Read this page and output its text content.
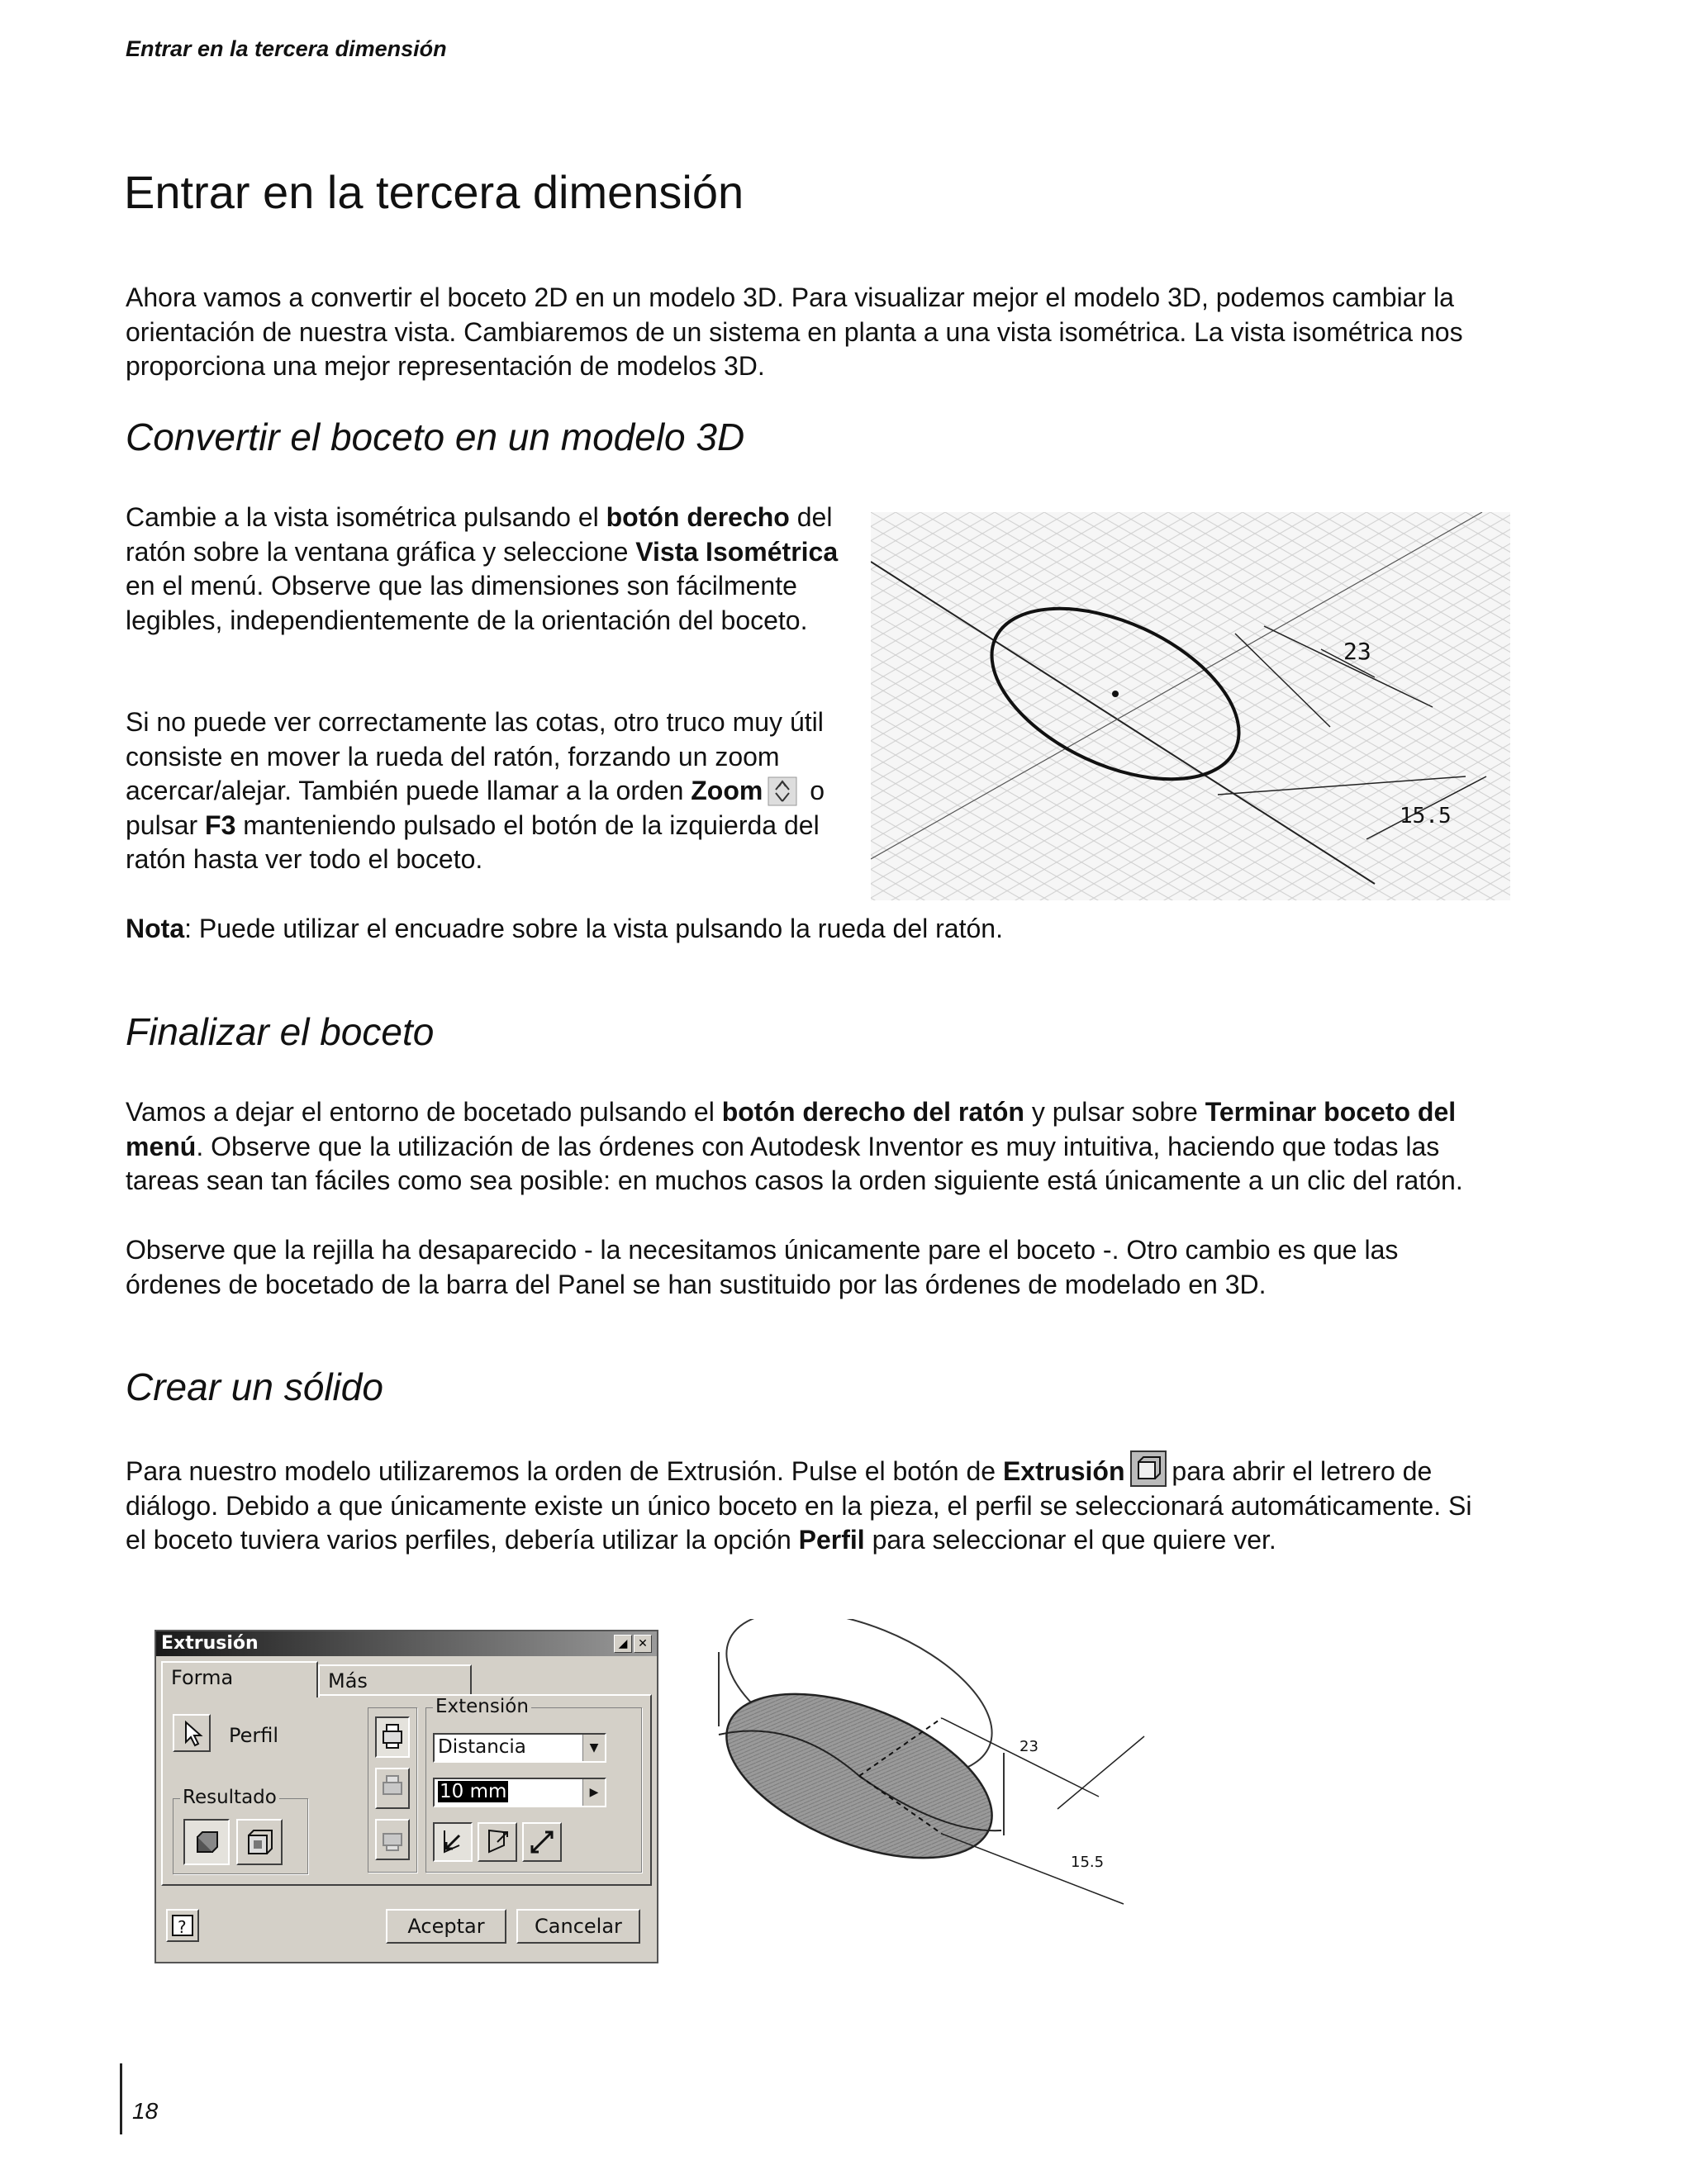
Entrar en la tercera dimensión
Entrar en la tercera dimensión

Ahora vamos a convertir el boceto 2D en un modelo 3D. Para visualizar mejor el modelo 3D, podemos cambiar la orientación de nuestra vista. Cambiaremos de un sistema en planta a una vista isométrica. La vista isométrica nos proporciona una mejor representación de modelos 3D.

Convertir el boceto en un modelo 3D

Cambie a la vista isométrica pulsando el botón derecho del ratón sobre la ventana gráfica y seleccione Vista Isométrica en el menú. Observe que las dimensiones son fácilmente legibles, independientemente de la orientación del boceto.

Si no puede ver correctamente las cotas, otro truco muy útil consiste en mover la rueda del ratón, forzando un zoom acercar/alejar. También puede llamar a la orden Zoom o pulsar F3 manteniendo pulsado el botón de la izquierda del ratón hasta ver todo el boceto.

Nota: Puede utilizar el encuadre sobre la vista pulsando la rueda del ratón.

23
15.5
Finalizar el boceto

Vamos a dejar el entorno de bocetado pulsando el botón derecho del ratón y pulsar sobre Terminar boceto del menú. Observe que la utilización de las órdenes con Autodesk Inventor es muy intuitiva, haciendo que todas las tareas sean tan fáciles como sea posible: en muchos casos la orden siguiente está únicamente a un clic del ratón.

Observe que la rejilla ha desaparecido - la necesitamos únicamente pare el boceto -. Otro cambio es que las órdenes de bocetado de la barra del Panel se han sustituido por las órdenes de modelado en 3D.

Crear un sólido

Para nuestro modelo utilizaremos la orden de Extrusión. Pulse el botón de Extrusión para abrir el letrero de diálogo. Debido a que únicamente existe un único boceto en la pieza, el perfil se seleccionará automáticamente. Si el boceto tuviera varios perfiles, debería utilizar la opción Perfil para seleccionar el que quiere ver.

Extrusión	◢ ✕
Forma	Más
Perfil
Resultado
Extensión
Distancia	▼
10 mm	▶
?	Aceptar	Cancelar
23
15.5
18
